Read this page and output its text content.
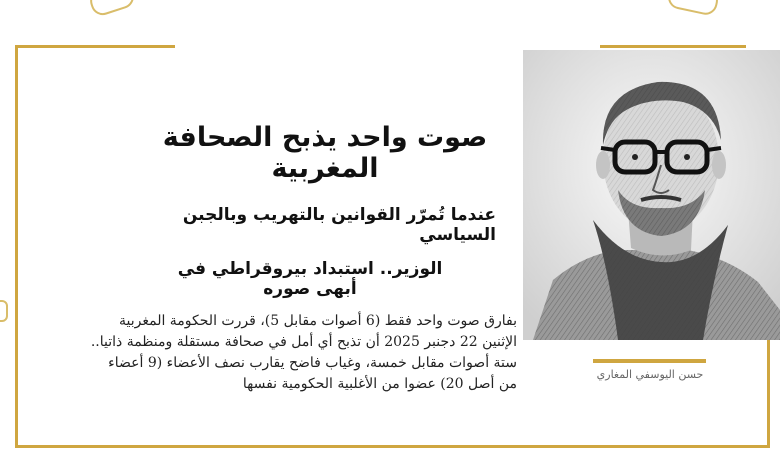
حسن اليوسفي المغاري
صوت واحد يذبح الصحافة المغربية
عندما تُمرّر القوانين بالتهريب وبالجبن السياسي
الوزير.. استبداد بيروقراطي في أبهى صوره

بفارق صوت واحد فقط (6 أصوات مقابل 5)، قررت الحكومة المغربية

الإثنين 22 دجنبر 2025 أن تذبح أي أمل في صحافة مستقلة ومنظمة ذاتيا..

ستة أصوات مقابل خمسة، وغياب فاضح يقارب نصف الأعضاء (9 أعضاء

من أصل 20) عضوا من الأغلبية الحكومية نفسها
